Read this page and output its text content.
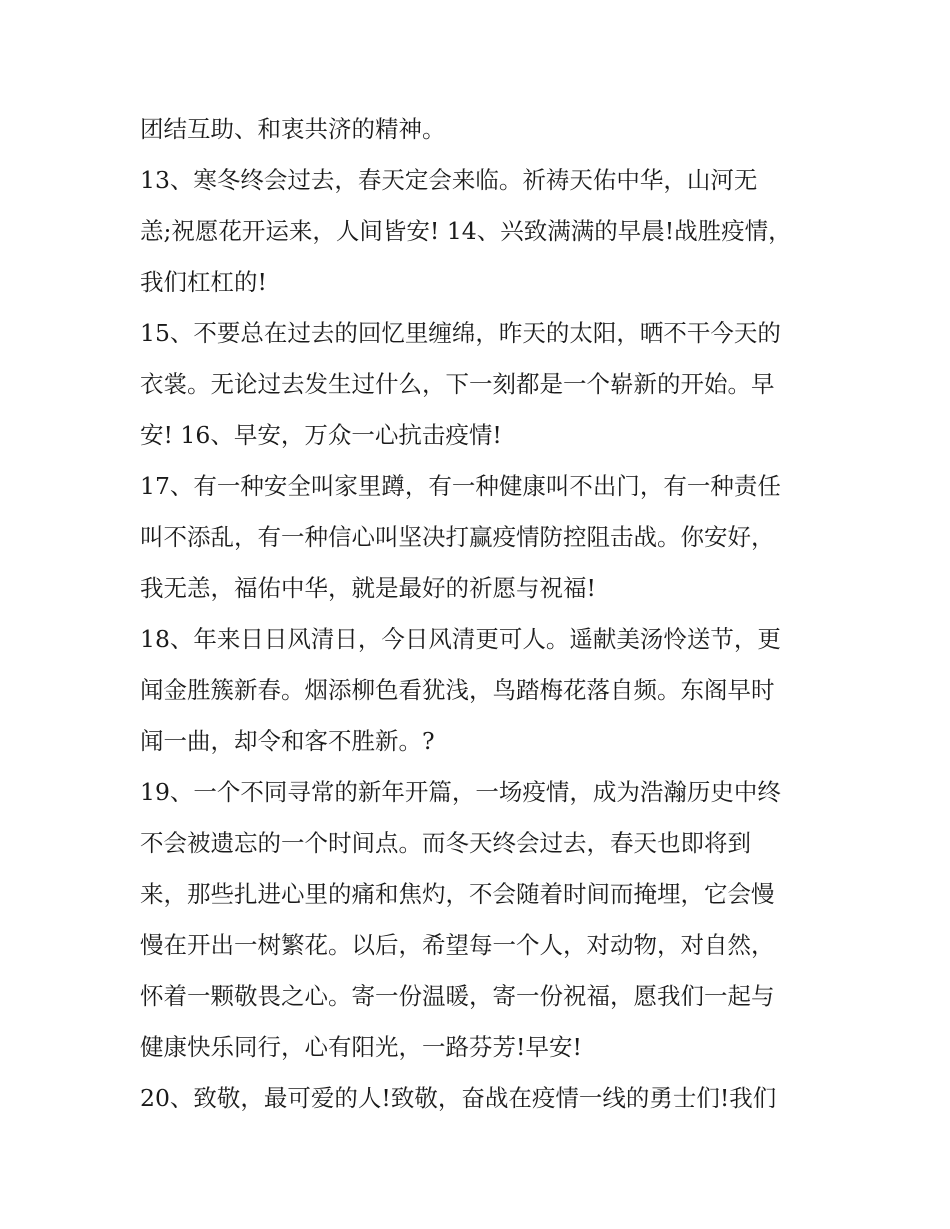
团结互助、和衷共济的精神。
13、寒冬终会过去，春天定会来临。祈祷天佑中华，山河无
恙;祝愿花开运来，人间皆安! 14、兴致满满的早晨!战胜疫情，
我们杠杠的!
15、不要总在过去的回忆里缠绵，昨天的太阳，晒不干今天的
衣裳。无论过去发生过什么，下一刻都是一个崭新的开始。早
安! 16、早安，万众一心抗击疫情!
17、有一种安全叫家里蹲，有一种健康叫不出门，有一种责任
叫不添乱，有一种信心叫坚决打赢疫情防控阻击战。你安好，
我无恙，福佑中华，就是最好的祈愿与祝福!
18、年来日日风清日，今日风清更可人。遥献美汤怜送节，更
闻金胜簇新春。烟添柳色看犹浅，鸟踏梅花落自频。东阁早时
闻一曲，却令和客不胜新。?
19、一个不同寻常的新年开篇，一场疫情，成为浩瀚历史中终
不会被遗忘的一个时间点。而冬天终会过去，春天也即将到
来，那些扎进心里的痛和焦灼，不会随着时间而掩埋，它会慢
慢在开出一树繁花。以后，希望每一个人，对动物，对自然，
怀着一颗敬畏之心。寄一份温暖，寄一份祝福，愿我们一起与
健康快乐同行，心有阳光，一路芬芳!早安!
20、致敬，最可爱的人!致敬，奋战在疫情一线的勇士们!我们
